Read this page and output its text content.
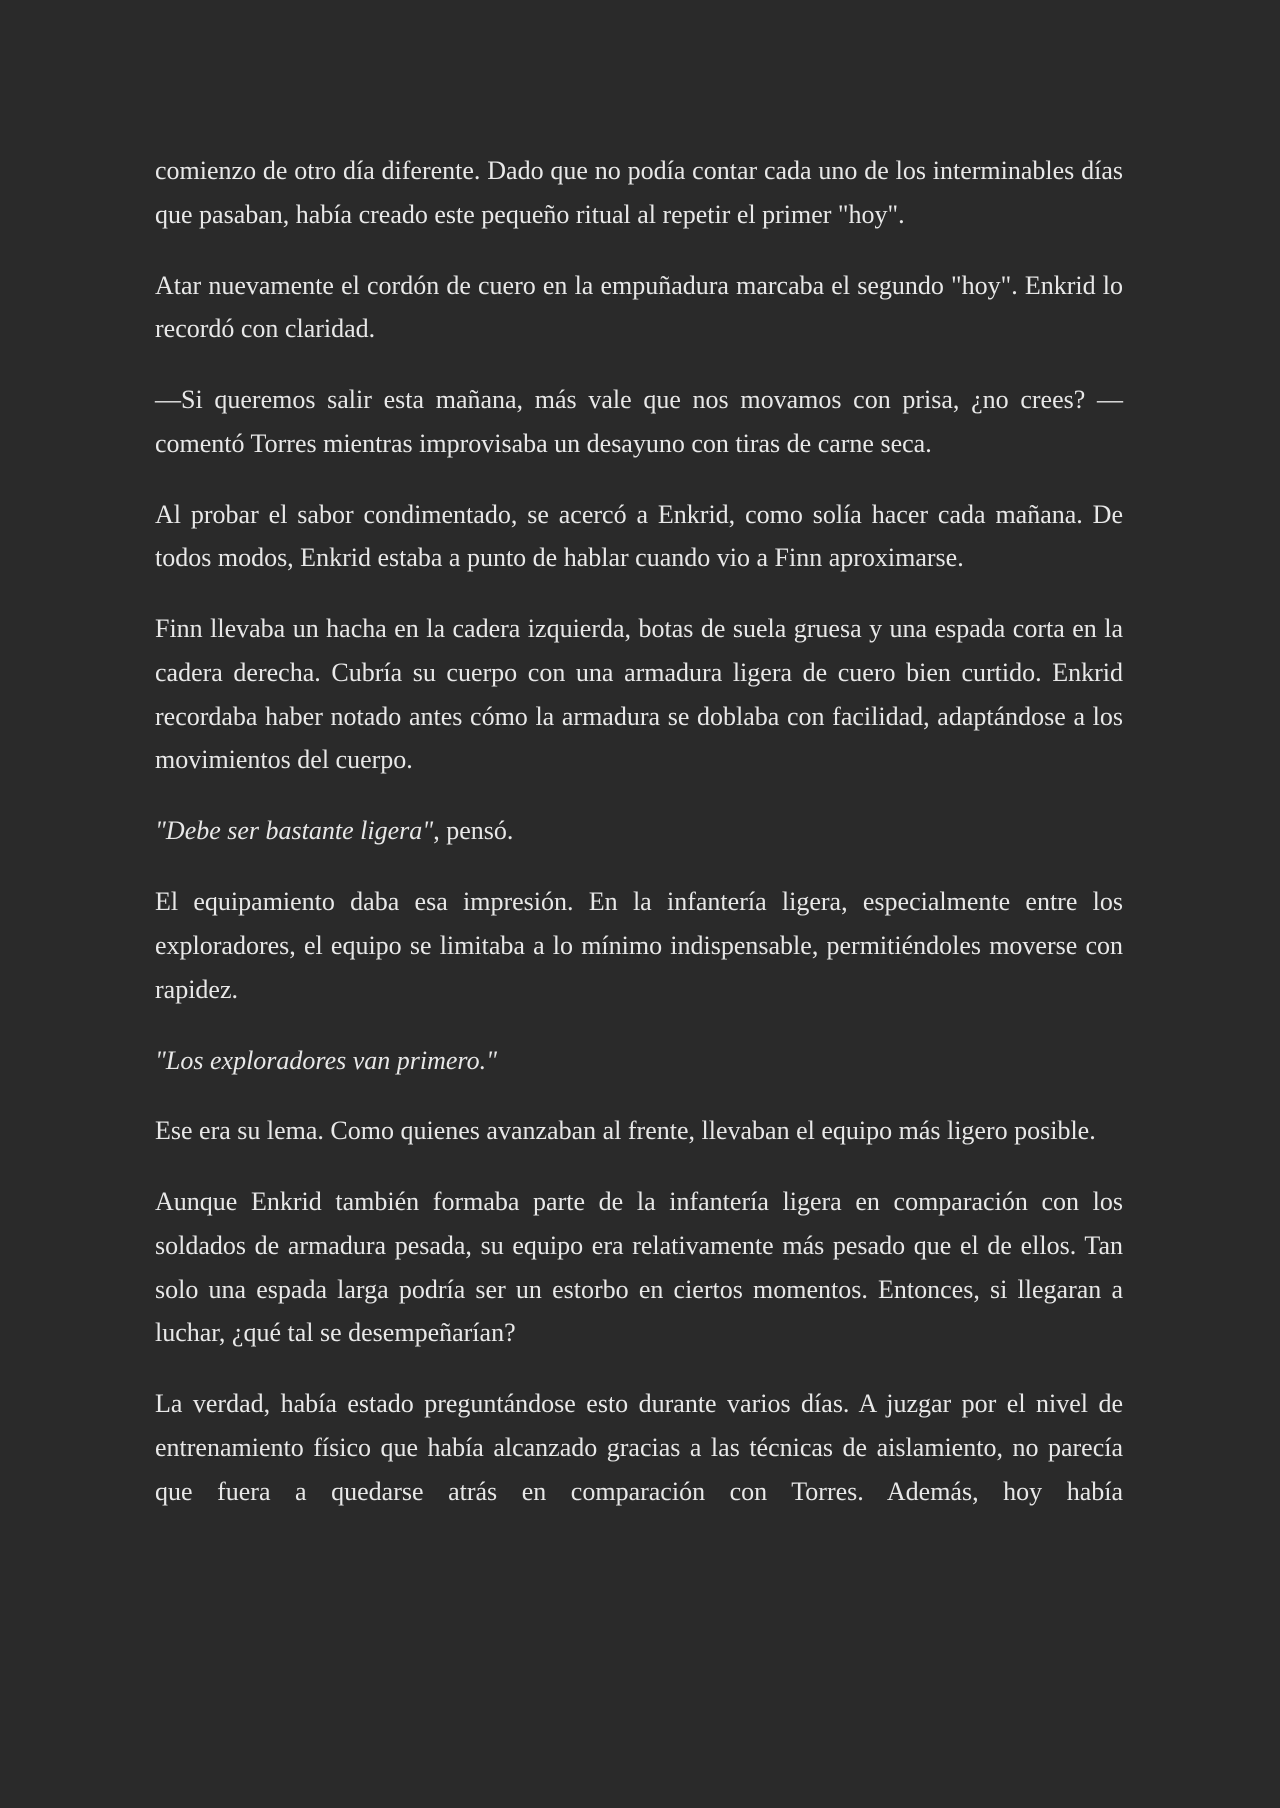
comienzo de otro día diferente. Dado que no podía contar cada uno de los interminables días que pasaban, había creado este pequeño ritual al repetir el primer "hoy".

Atar nuevamente el cordón de cuero en la empuñadura marcaba el segundo "hoy". Enkrid lo recordó con claridad.

—Si queremos salir esta mañana, más vale que nos movamos con prisa, ¿no crees? —comentó Torres mientras improvisaba un desayuno con tiras de carne seca.

Al probar el sabor condimentado, se acercó a Enkrid, como solía hacer cada mañana. De todos modos, Enkrid estaba a punto de hablar cuando vio a Finn aproximarse.

Finn llevaba un hacha en la cadera izquierda, botas de suela gruesa y una espada corta en la cadera derecha. Cubría su cuerpo con una armadura ligera de cuero bien curtido. Enkrid recordaba haber notado antes cómo la armadura se doblaba con facilidad, adaptándose a los movimientos del cuerpo.

"Debe ser bastante ligera", pensó.

El equipamiento daba esa impresión. En la infantería ligera, especialmente entre los exploradores, el equipo se limitaba a lo mínimo indispensable, permitiéndoles moverse con rapidez.

"Los exploradores van primero."

Ese era su lema. Como quienes avanzaban al frente, llevaban el equipo más ligero posible.

Aunque Enkrid también formaba parte de la infantería ligera en comparación con los soldados de armadura pesada, su equipo era relativamente más pesado que el de ellos. Tan solo una espada larga podría ser un estorbo en ciertos momentos. Entonces, si llegaran a luchar, ¿qué tal se desempeñarían?

La verdad, había estado preguntándose esto durante varios días. A juzgar por el nivel de entrenamiento físico que había alcanzado gracias a las técnicas de aislamiento, no parecía que fuera a quedarse atrás en comparación con Torres. Además, hoy había
